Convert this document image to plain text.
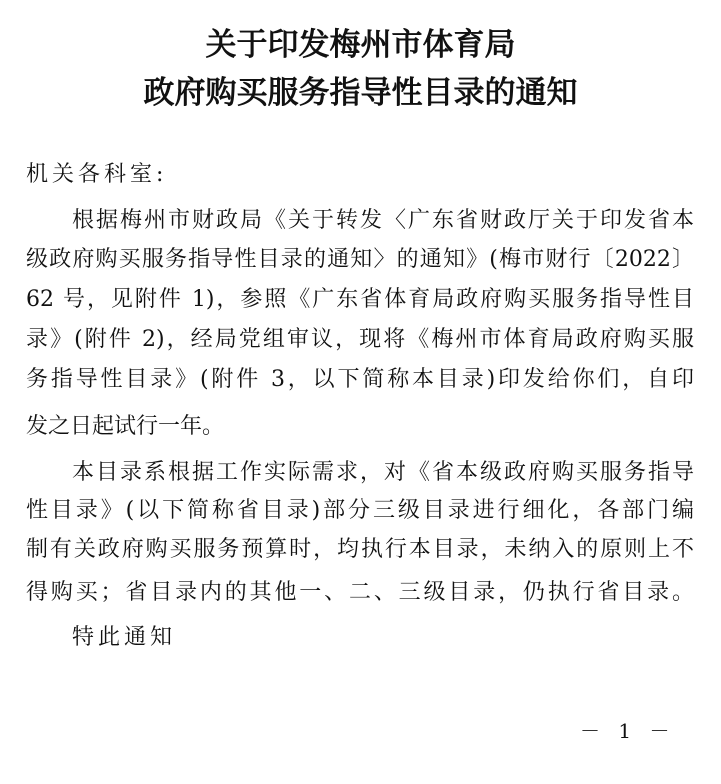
关于印发梅州市体育局
政府购买服务指导性目录的通知
机关各科室:
根据梅州市财政局《关于转发〈广东省财政厅关于印发省本
级政府购买服务指导性目录的通知〉的通知》(梅市财行〔2022〕
62 号，见附件 1)，参照《广东省体育局政府购买服务指导性目
录》(附件 2)，经局党组审议，现将《梅州市体育局政府购买服
务指导性目录》(附件 3，以下简称本目录)印发给你们，自印
发之日起试行一年。
本目录系根据工作实际需求，对《省本级政府购买服务指导
性目录》(以下简称省目录)部分三级目录进行细化，各部门编
制有关政府购买服务预算时，均执行本目录，未纳入的原则上不
得购买；省目录内的其他一、二、三级目录，仍执行省目录。
特此通知
－ 1 －
